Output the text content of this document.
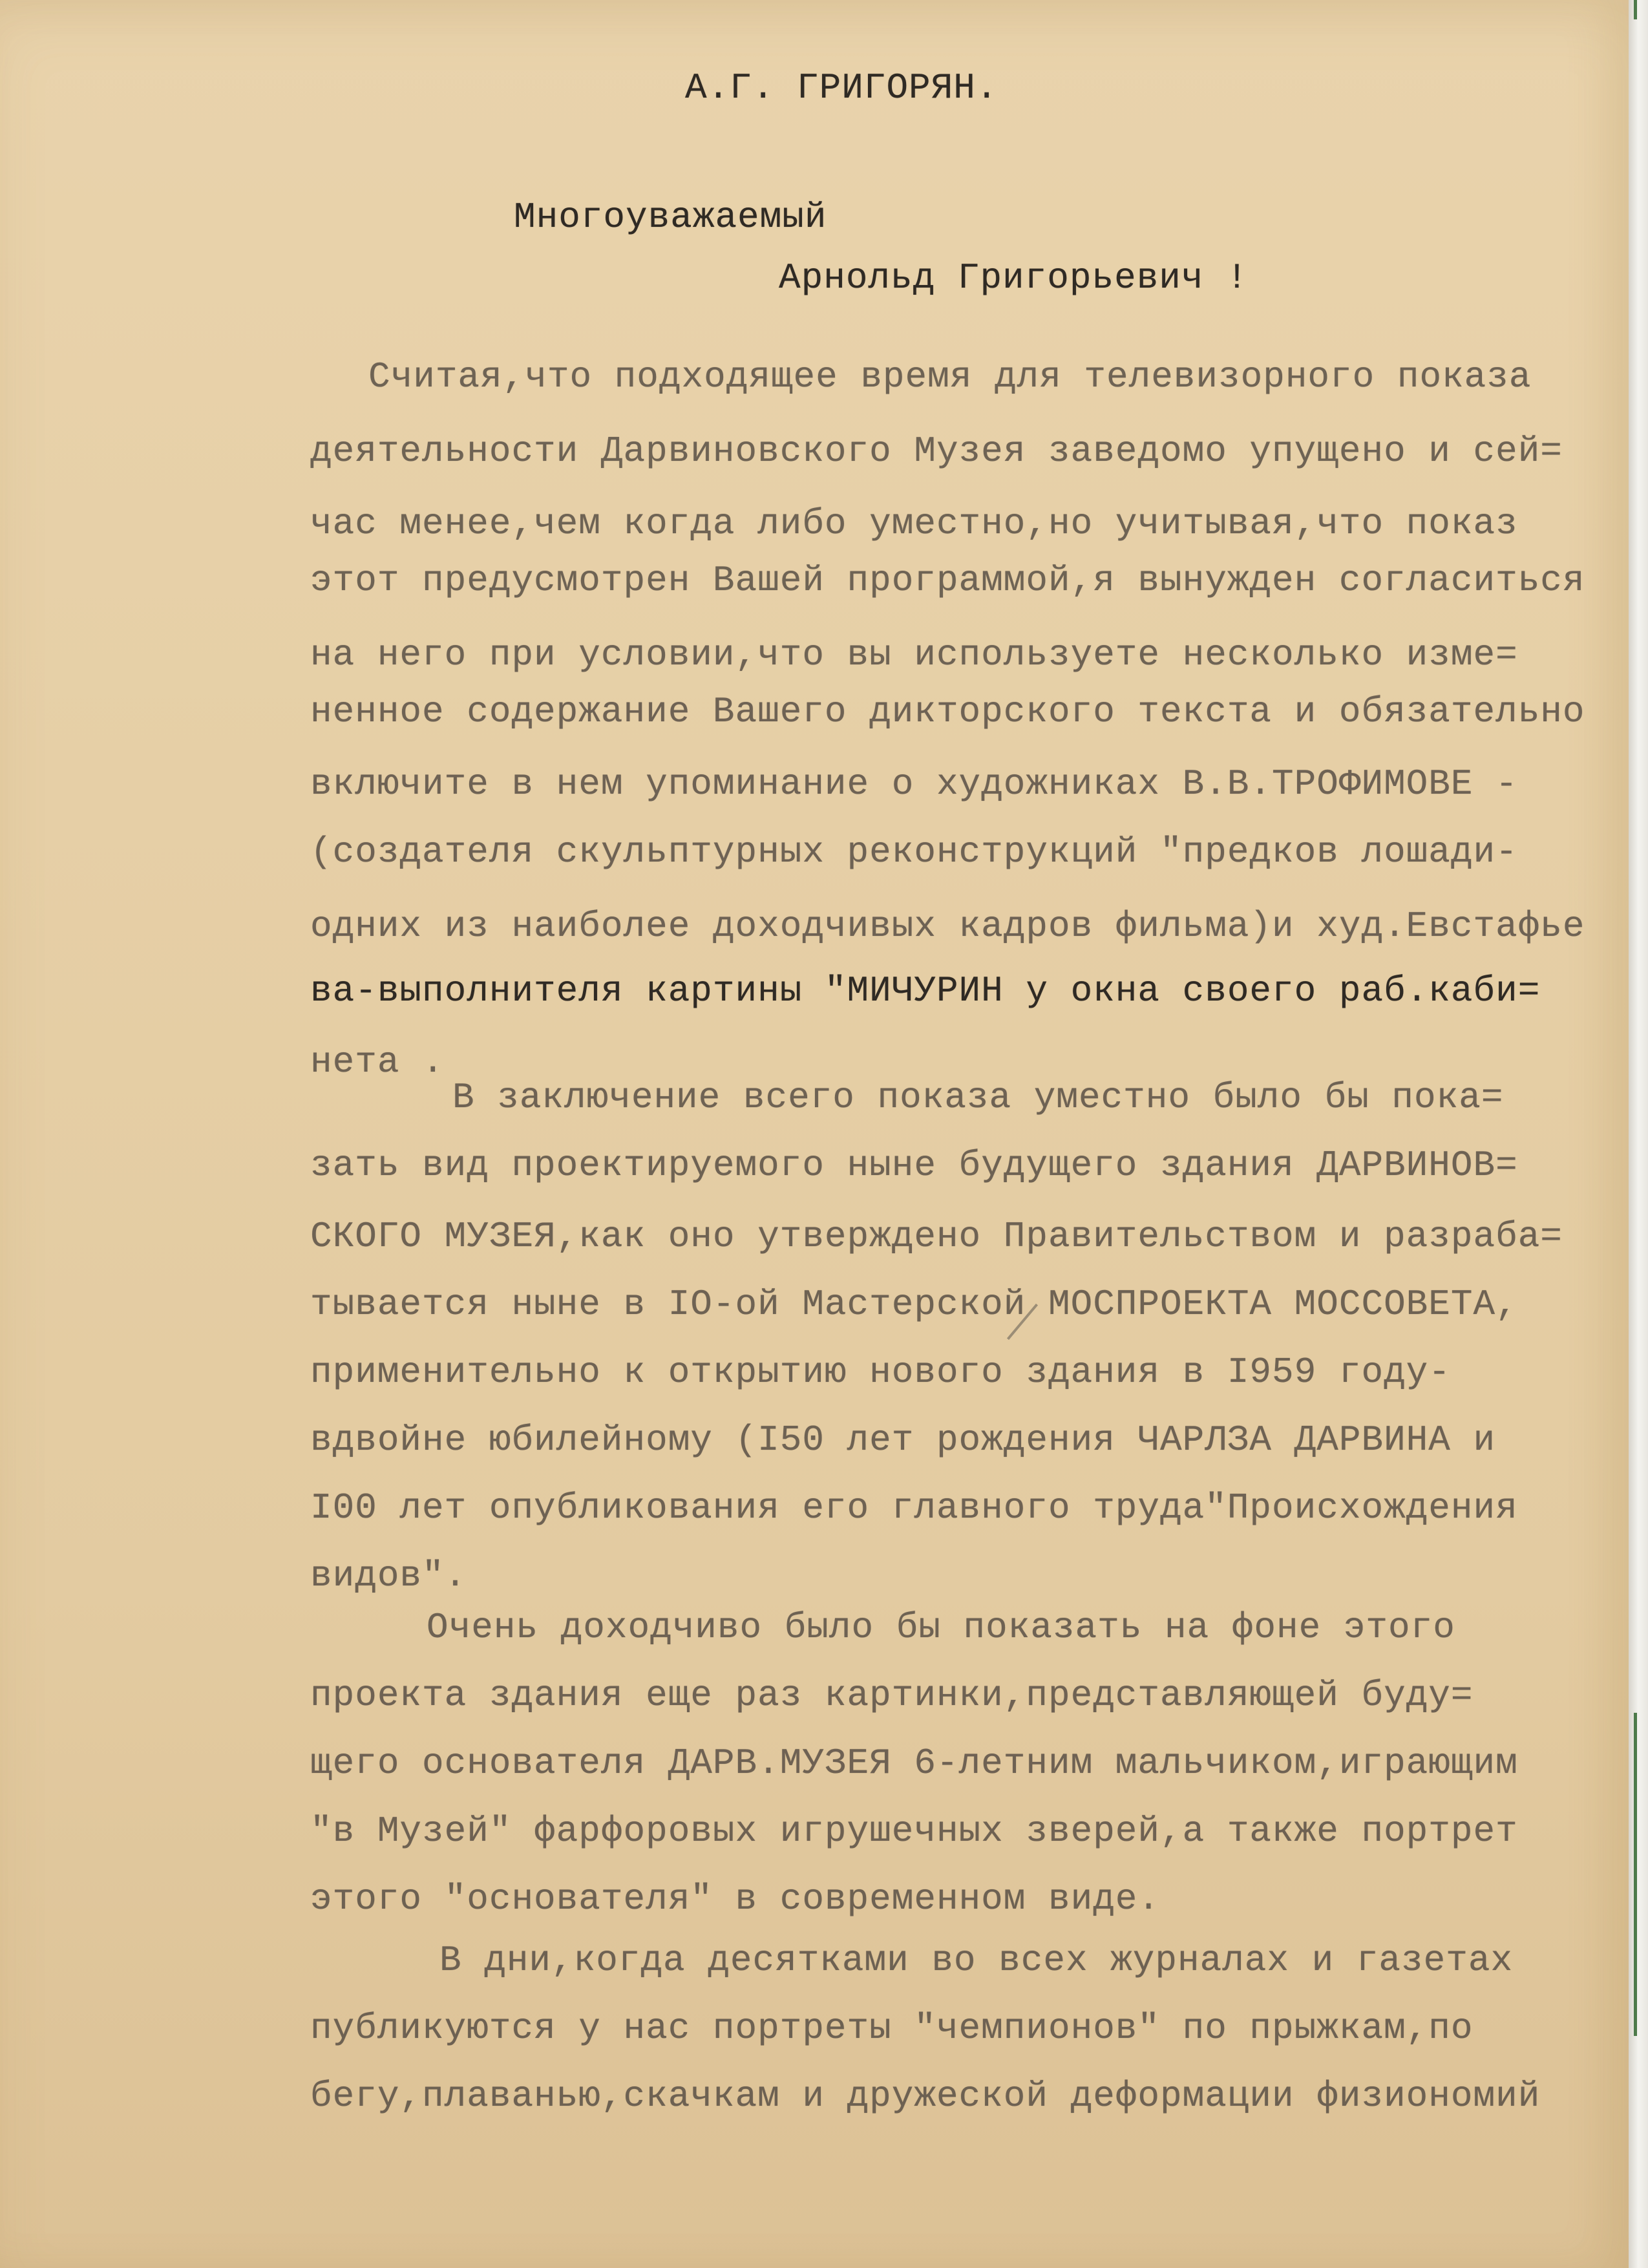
А.Г. ГРИГОРЯН.
Многоуважаемый
Арнольд Григорьевич !
Считая,что подходящее время для телевизорного показа
деятельности Дарвиновского Музея заведомо упущено и сей=
час менее,чем когда либо уместно,но учитывая,что показ
этот предусмотрен Вашей программой,я вынужден согласиться
на него при условии,что вы используете несколько изме=
ненное содержание Вашего дикторского текста и обязательно
включите в нем упоминание о художниках В.В.ТРОФИМОВЕ -
(создателя скульптурных реконструкций "предков лошади-
одних из наиболее доходчивых кадров фильма)и худ.Евстафье
ва-выполнителя картины "МИЧУРИН у окна своего раб.каби=
нета .
В заключение всего показа уместно было бы пока=
зать вид проектируемого ныне будущего здания ДАРВИНОВ=
СКОГО МУЗЕЯ,как оно утверждено Правительством и разраба=
тывается ныне в IO-ой Мастерской МОСПРОЕКТА МОССОВЕТА,
применительно к открытию нового здания в I959 году-
вдвойне юбилейному (I50 лет рождения ЧАРЛЗА ДАРВИНА и
I00 лет опубликования его главного труда"Происхождения
видов".
Очень доходчиво было бы показать на фоне этого
проекта здания еще раз картинки,представляющей буду=
щего основателя ДАРВ.МУЗЕЯ 6-летним мальчиком,играющим
"в Музей" фарфоровых игрушечных зверей,а также портрет
этого "основателя" в современном виде.
В дни,когда десятками во всех журналах и газетах
публикуются у нас портреты "чемпионов" по прыжкам,по
бегу,плаванью,скачкам и дружеской деформации физиономий
